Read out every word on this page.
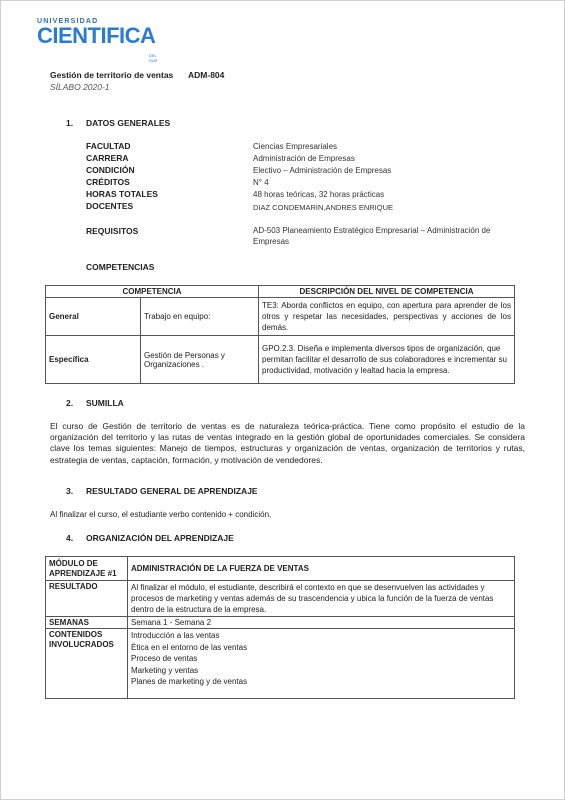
UNIVERSIDAD
CIENTIFICA
DEL SUR
Gestión de territorio de ventas ADM-804
SÍLABO 2020-1
1. DATOS GENERALES
FACULTAD	Ciencias Empresariales
CARRERA	Administración de Empresas
CONDICIÓN	Electivo – Administración de Empresas
CRÉDITOS	N° 4
HORAS TOTALES	48 horas teóricas, 32 horas prácticas
DOCENTES	DIAZ CONDEMARIN,ANDRES ENRIQUE
REQUISITOS	AD-503 Planeamiento Estratégico Empresarial – Administración de
Empresas
COMPETENCIAS
COMPETENCIA		DESCRIPCIÓN DEL NIVEL DE COMPETENCIA
General	Trabajo en equipo:	TE3: Aborda conflictos en equipo, con apertura para aprender de los otros y respetar las necesidades, perspectivas y acciones de los demás.
Específica	Gestión de Personas y Organizaciones .	GPO.2.3. Diseña e implementa diversos tipos de organización, que permitan facilitar el desarrollo de sus colaboradores e incrementar su productividad, motivación y lealtad hacia la empresa.
2. SUMILLA
El curso de Gestión de territorio de ventas es de naturaleza teórica-práctica. Tiene como propósito el estudio de la organización del territorio y las rutas de ventas integrado en la gestión global de oportunidades comerciales. Se considera clave los temas siguientes: Manejo de tiempos, estructuras y organización de ventas, organización de territorios y rutas, estrategia de ventas, captación, formación, y motivación de vendedores.
3. RESULTADO GENERAL DE APRENDIZAJE
Al finalizar el curso, el estudiante verbo contenido + condición.
4. ORGANIZACIÓN DEL APRENDIZAJE
MÓDULO DE APRENDIZAJE #1	ADMINISTRACIÓN DE LA FUERZA DE VENTAS
RESULTADO	Al finalizar el módulo, el estudiante, describirá el contexto en que se desenvuelven las actividades y procesos de marketing y ventas además de su trascendencia y ubica la función de la fuerza de ventas dentro de la estructura de la empresa.
SEMANAS	Semana 1 - Semana 2
CONTENIDOS INVOLUCRADOS	Introducción a las ventas
Ética en el entorno de las ventas
Proceso de ventas
Marketing y ventas
Planes de marketing y de ventas
